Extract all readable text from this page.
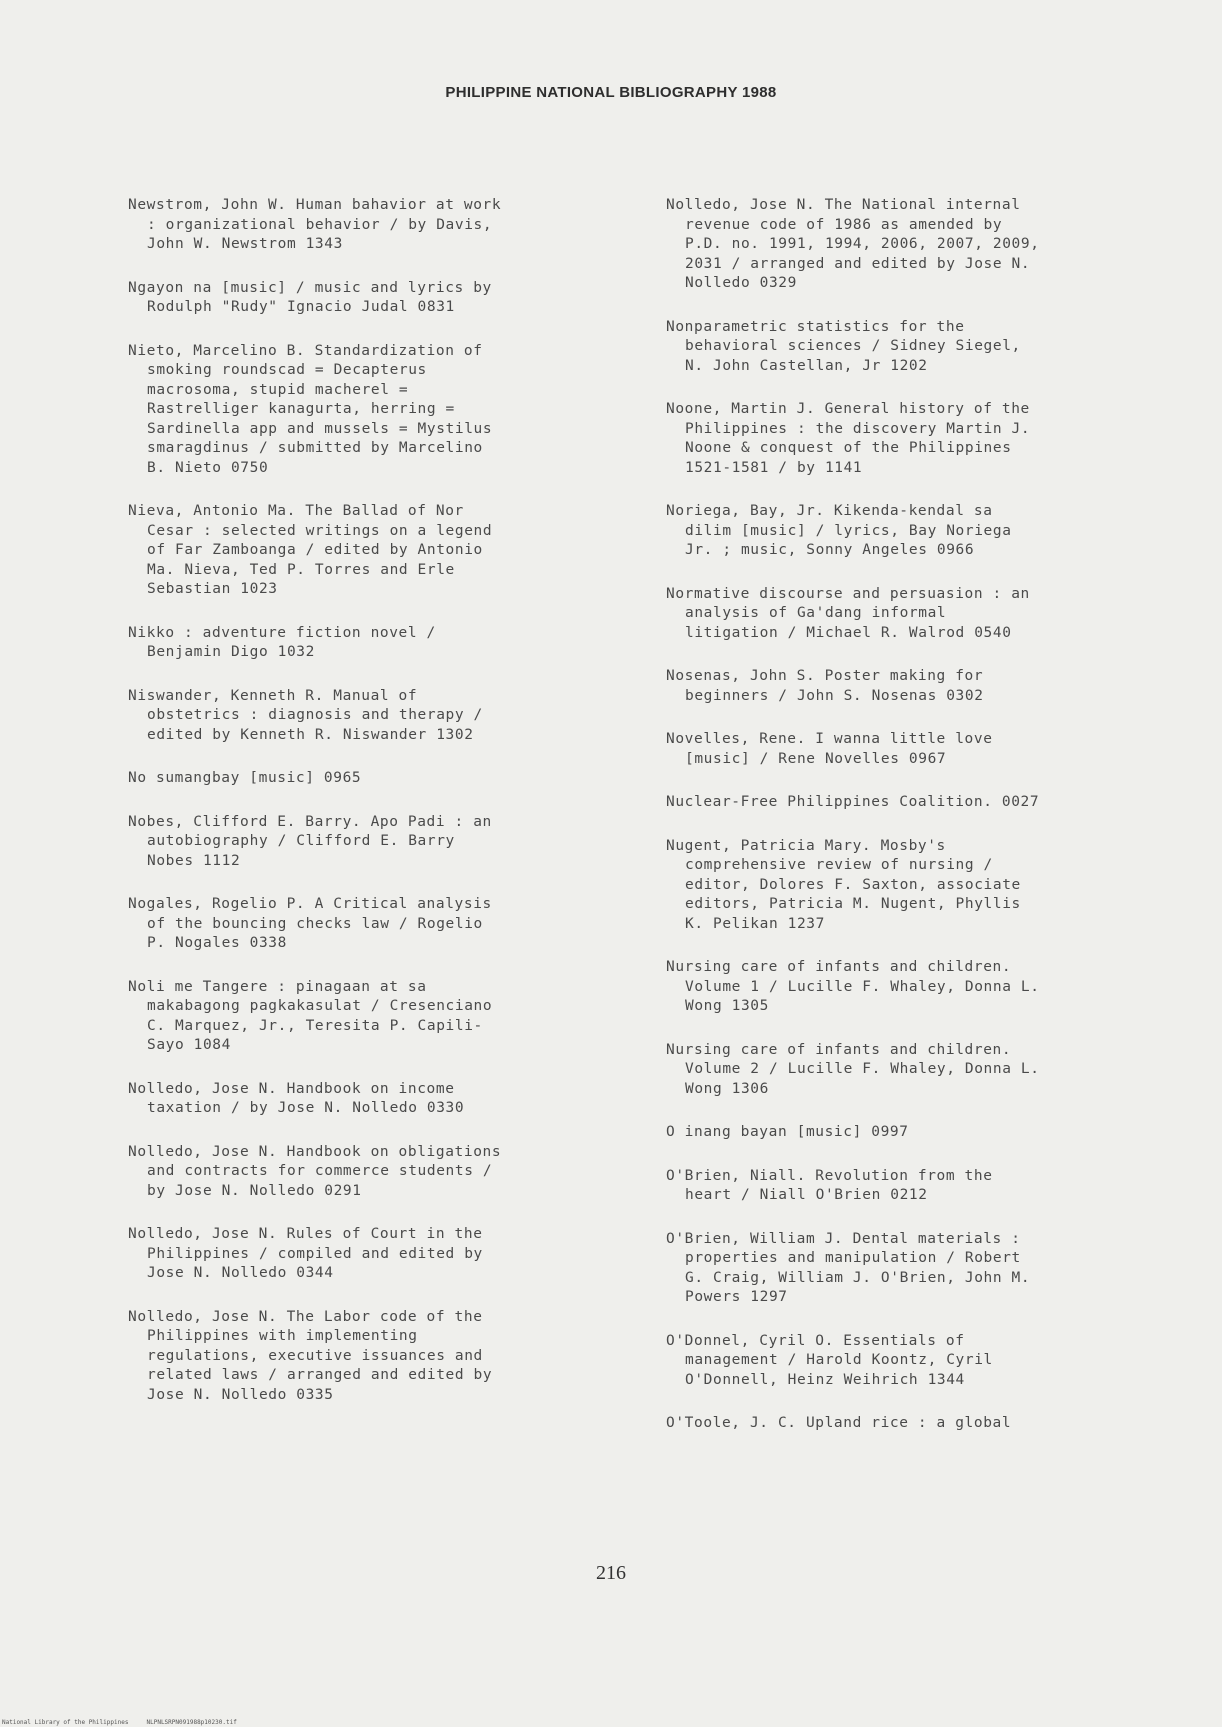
PHILIPPINE NATIONAL BIBLIOGRAPHY 1988

Newstrom, John W. Human bahavior at work
: organizational behavior / by Davis,
John W. Newstrom 1343

Ngayon na [music] / music and lyrics by
Rodulph "Rudy" Ignacio Judal 0831

Nieto, Marcelino B. Standardization of
smoking roundscad = Decapterus
macrosoma, stupid macherel =
Rastrelliger kanagurta, herring =
Sardinella app and mussels = Mystilus
smaragdinus / submitted by Marcelino
B. Nieto 0750

Nieva, Antonio Ma. The Ballad of Nor
Cesar : selected writings on a legend
of Far Zamboanga / edited by Antonio
Ma. Nieva, Ted P. Torres and Erle
Sebastian 1023

Nikko : adventure fiction novel /
Benjamin Digo 1032

Niswander, Kenneth R. Manual of
obstetrics : diagnosis and therapy /
edited by Kenneth R. Niswander 1302

No sumangbay [music] 0965

Nobes, Clifford E. Barry. Apo Padi : an
autobiography / Clifford E. Barry
Nobes 1112

Nogales, Rogelio P. A Critical analysis
of the bouncing checks law / Rogelio
P. Nogales 0338

Noli me Tangere : pinagaan at sa
makabagong pagkakasulat / Cresenciano
C. Marquez, Jr., Teresita P. Capili-
Sayo 1084

Nolledo, Jose N. Handbook on income
taxation / by Jose N. Nolledo 0330

Nolledo, Jose N. Handbook on obligations
and contracts for commerce students /
by Jose N. Nolledo 0291

Nolledo, Jose N. Rules of Court in the
Philippines / compiled and edited by
Jose N. Nolledo 0344

Nolledo, Jose N. The Labor code of the
Philippines with implementing
regulations, executive issuances and
related laws / arranged and edited by
Jose N. Nolledo 0335

Nolledo, Jose N. The National internal
revenue code of 1986 as amended by
P.D. no. 1991, 1994, 2006, 2007, 2009,
2031 / arranged and edited by Jose N.
Nolledo 0329

Nonparametric statistics for the
behavioral sciences / Sidney Siegel,
N. John Castellan, Jr 1202

Noone, Martin J. General history of the
Philippines : the discovery Martin J.
Noone & conquest of the Philippines
1521-1581 / by 1141

Noriega, Bay, Jr. Kikenda-kendal sa
dilim [music] / lyrics, Bay Noriega
Jr. ; music, Sonny Angeles 0966

Normative discourse and persuasion : an
analysis of Ga'dang informal
litigation / Michael R. Walrod 0540

Nosenas, John S. Poster making for
beginners / John S. Nosenas 0302

Novelles, Rene. I wanna little love
[music] / Rene Novelles 0967

Nuclear-Free Philippines Coalition. 0027

Nugent, Patricia Mary. Mosby's
comprehensive review of nursing /
editor, Dolores F. Saxton, associate
editors, Patricia M. Nugent, Phyllis
K. Pelikan 1237

Nursing care of infants and children.
Volume 1 / Lucille F. Whaley, Donna L.
Wong 1305

Nursing care of infants and children.
Volume 2 / Lucille F. Whaley, Donna L.
Wong 1306

O inang bayan [music] 0997

O'Brien, Niall. Revolution from the
heart / Niall O'Brien 0212

O'Brien, William J. Dental materials :
properties and manipulation / Robert
G. Craig, William J. O'Brien, John M.
Powers 1297

O'Donnel, Cyril O. Essentials of
management / Harold Koontz, Cyril
O'Donnell, Heinz Weihrich 1344

O'Toole, J. C. Upland rice : a global

216
National Library of the Philippines     NLPNLSRPN091988p10230.tif
